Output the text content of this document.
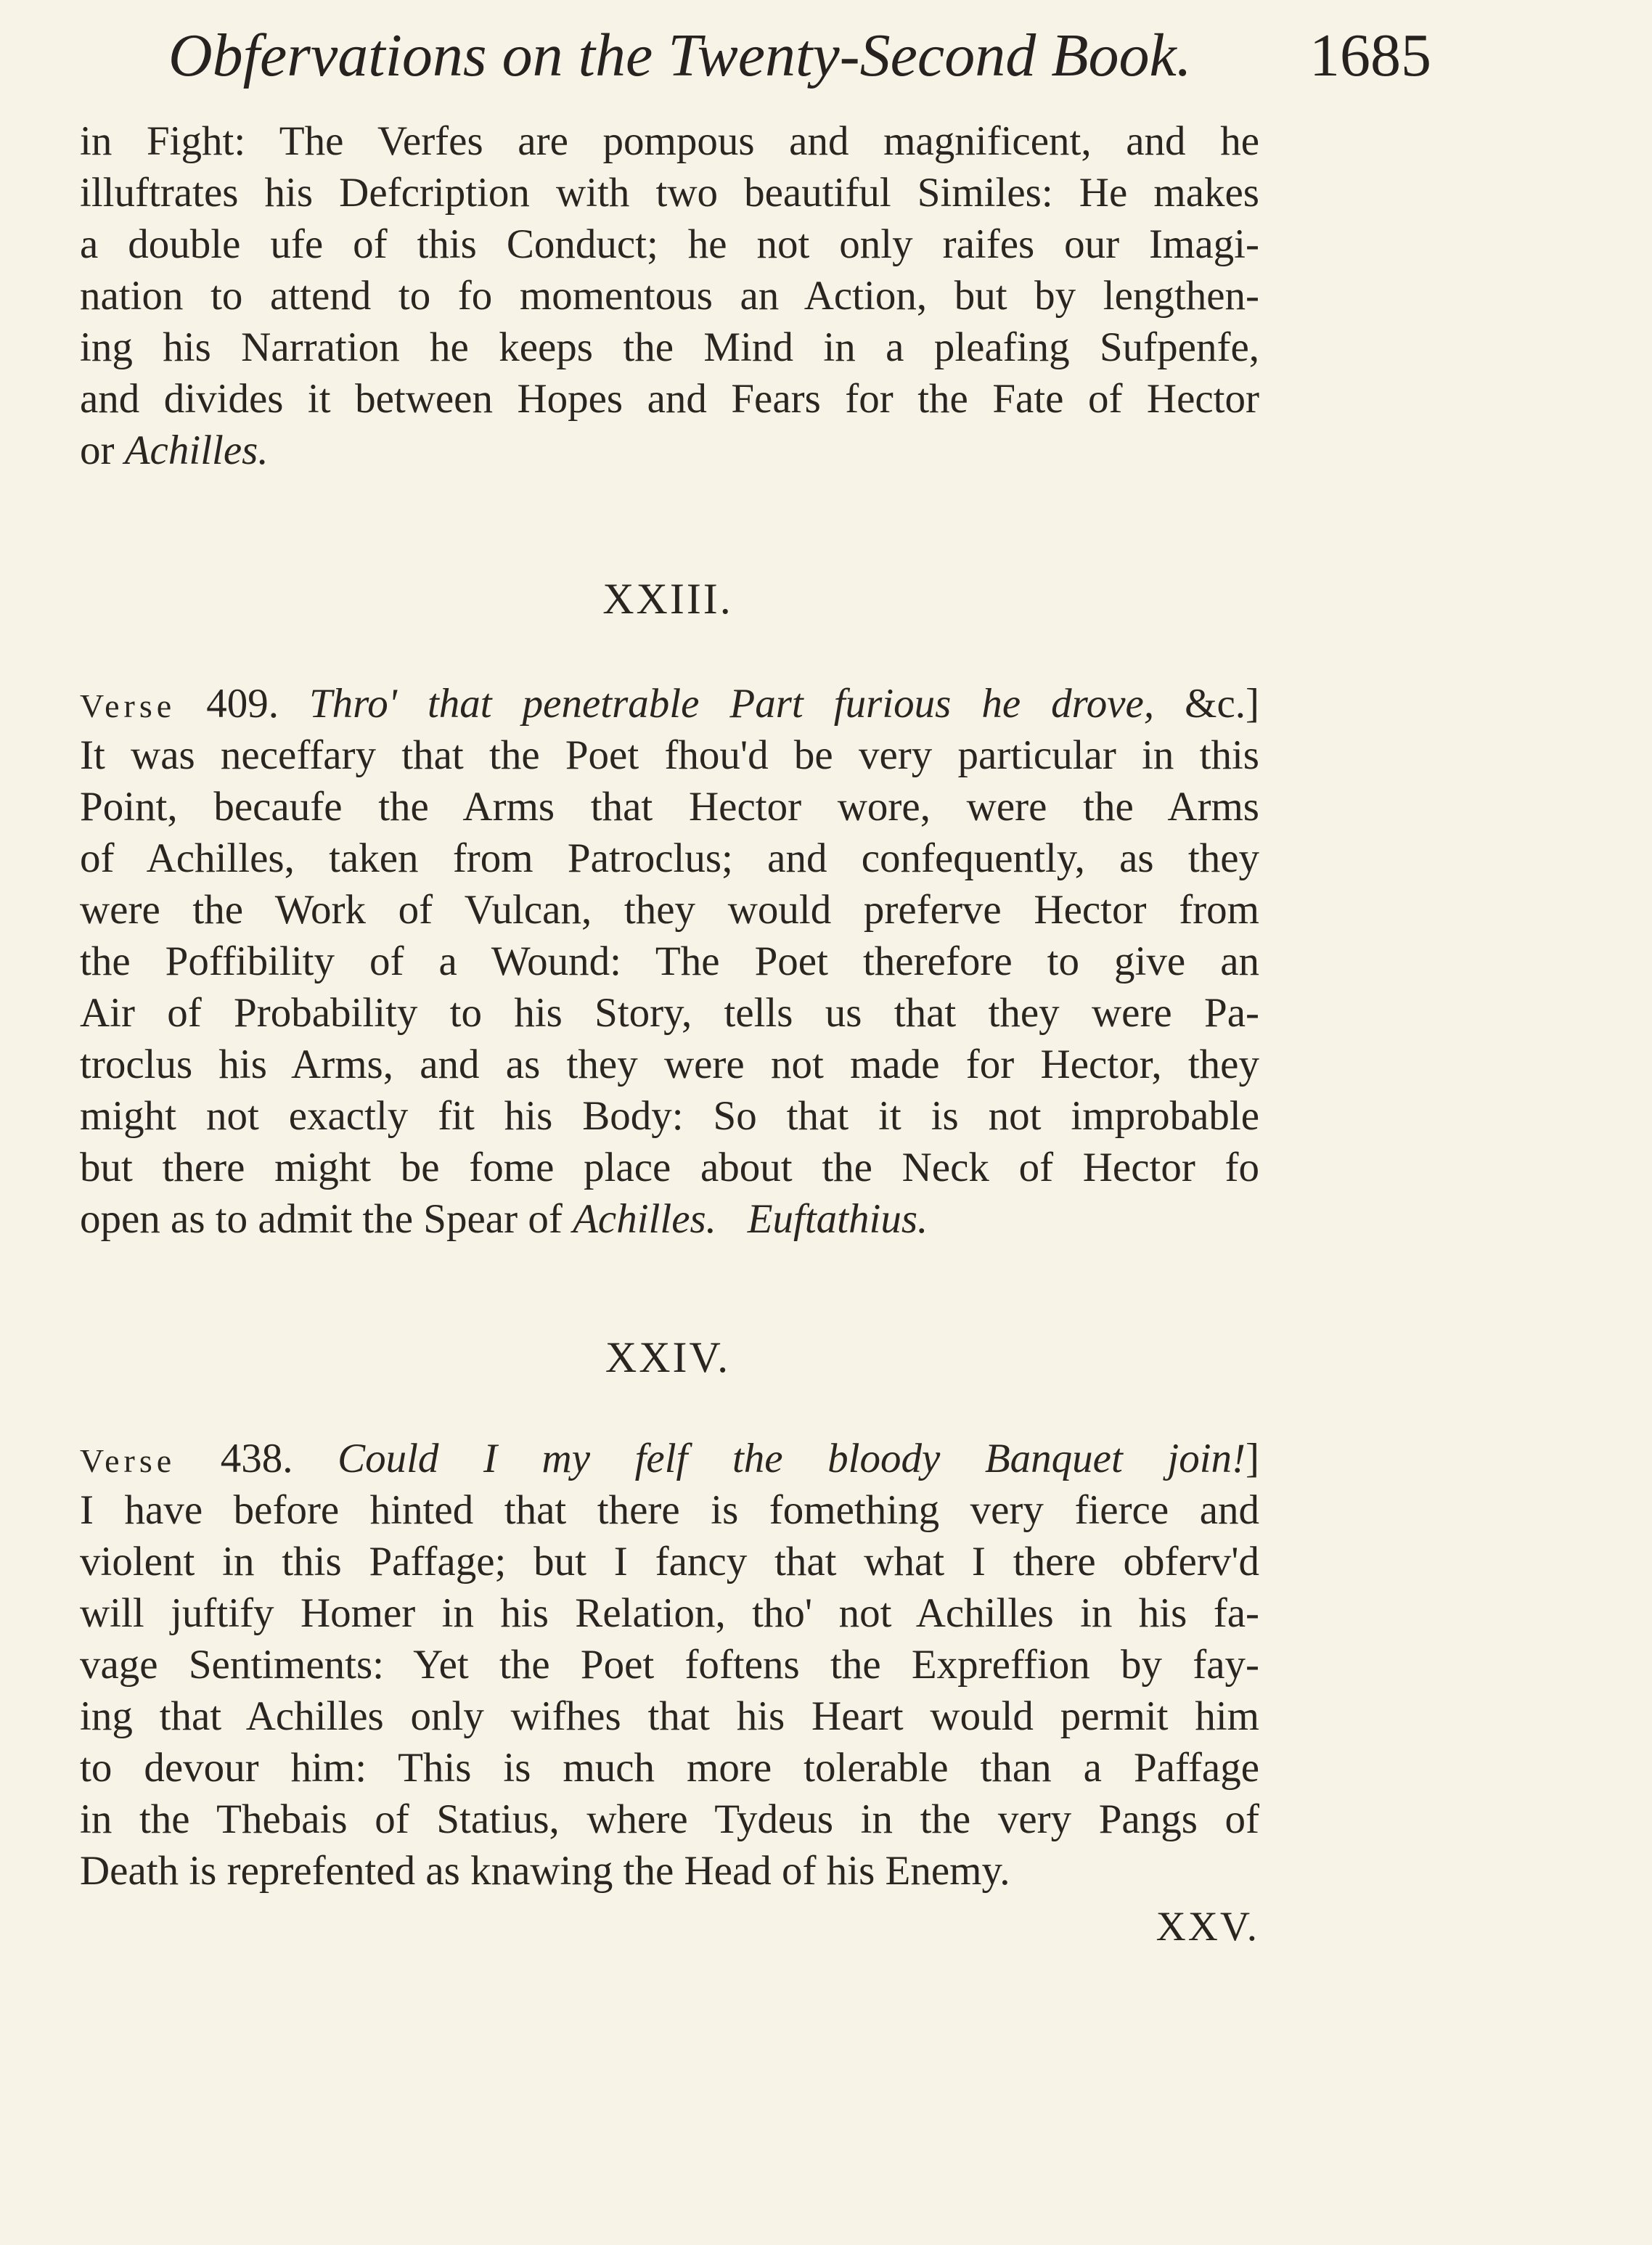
Obfervations on the Twenty-Second Book.	1685
in Fight: The Verfes are pompous and magnificent, and he
illuftrates his Defcription with two beautiful Similes: He makes
a double ufe of this Conduct; he not only raifes our Imagi-
nation to attend to fo momentous an Action, but by lengthen-
ing his Narration he keeps the Mind in a pleafing Sufpenfe,
and divides it between Hopes and Fears for the Fate of Hector
or Achilles.
XXIII.
Verse 409. Thro' that penetrable Part furious he drove, &c.]
It was neceffary that the Poet fhou'd be very particular in this
Point, becaufe the Arms that Hector wore, were the Arms
of Achilles, taken from Patroclus; and confequently, as they
were the Work of Vulcan, they would preferve Hector from
the Poffibility of a Wound: The Poet therefore to give an
Air of Probability to his Story, tells us that they were Pa-
troclus his Arms, and as they were not made for Hector, they
might not exactly fit his Body: So that it is not improbable
but there might be fome place about the Neck of Hector fo
open as to admit the Spear of Achilles. Euftathius.
XXIV.
Verse 438. Could I my felf the bloody Banquet join!]
I have before hinted that there is fomething very fierce and
violent in this Paffage; but I fancy that what I there obferv'd
will juftify Homer in his Relation, tho' not Achilles in his fa-
vage Sentiments: Yet the Poet foftens the Expreffion by fay-
ing that Achilles only wifhes that his Heart would permit him
to devour him: This is much more tolerable than a Paffage
in the Thebais of Statius, where Tydeus in the very Pangs of
Death is reprefented as knawing the Head of his Enemy.
XXV.
